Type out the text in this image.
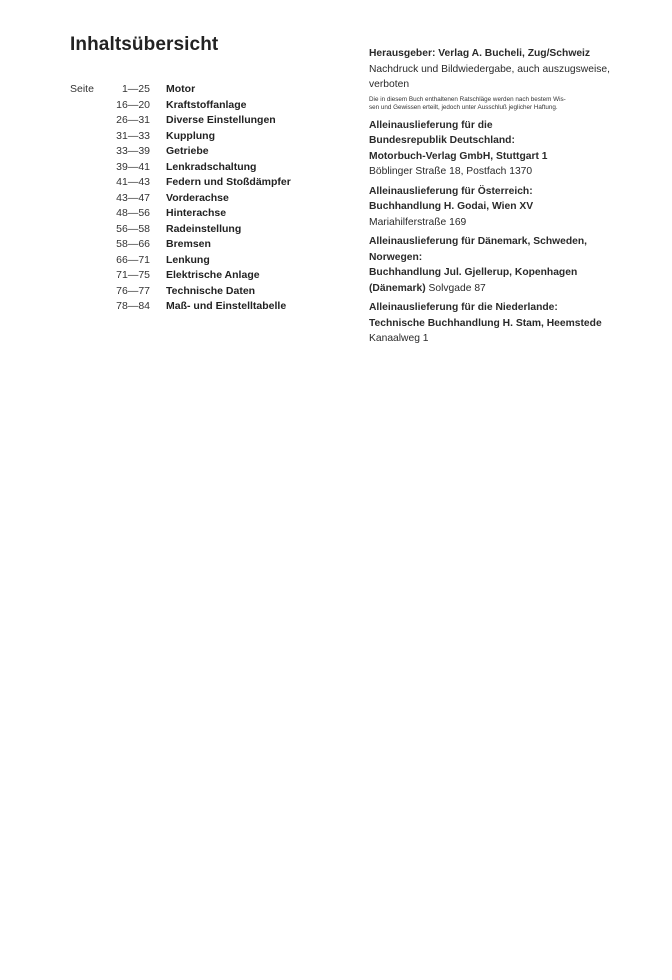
Inhaltsübersicht
Seite	1—25 Motor
16—20 Kraftstoffanlage
26—31 Diverse Einstellungen
31—33 Kupplung
33—39 Getriebe
39—41 Lenkradschaltung
41—43 Federn und Stoßdämpfer
43—47 Vorderachse
48—56 Hinterachse
56—58 Radeinstellung
58—66 Bremsen
66—71 Lenkung
71—75 Elektrische Anlage
76—77 Technische Daten
78—84 Maß- und Einstelltabelle

Herausgeber: Verlag A. Bucheli, Zug/Schweiz

Nachdruck und Bildwiedergabe, auch auszugsweise,

verboten

Die in diesem Buch enthaltenen Ratschläge werden nach bestem Wis-
sen und Gewissen erteilt, jedoch unter Ausschluß jeglicher Haftung.

Alleinauslieferung für die

Bundesrepublik Deutschland:

Motorbuch-Verlag GmbH, Stuttgart 1

Böblinger Straße 18, Postfach 1370

Alleinauslieferung für Österreich:

Buchhandlung H. Godai, Wien XV

Mariahilferstraße 169

Alleinauslieferung für Dänemark, Schweden,

Norwegen:

Buchhandlung Jul. Gjellerup, Kopenhagen

(Dänemark) Solvgade 87

Alleinauslieferung für die Niederlande:

Technische Buchhandlung H. Stam, Heemstede

Kanaalweg 1
